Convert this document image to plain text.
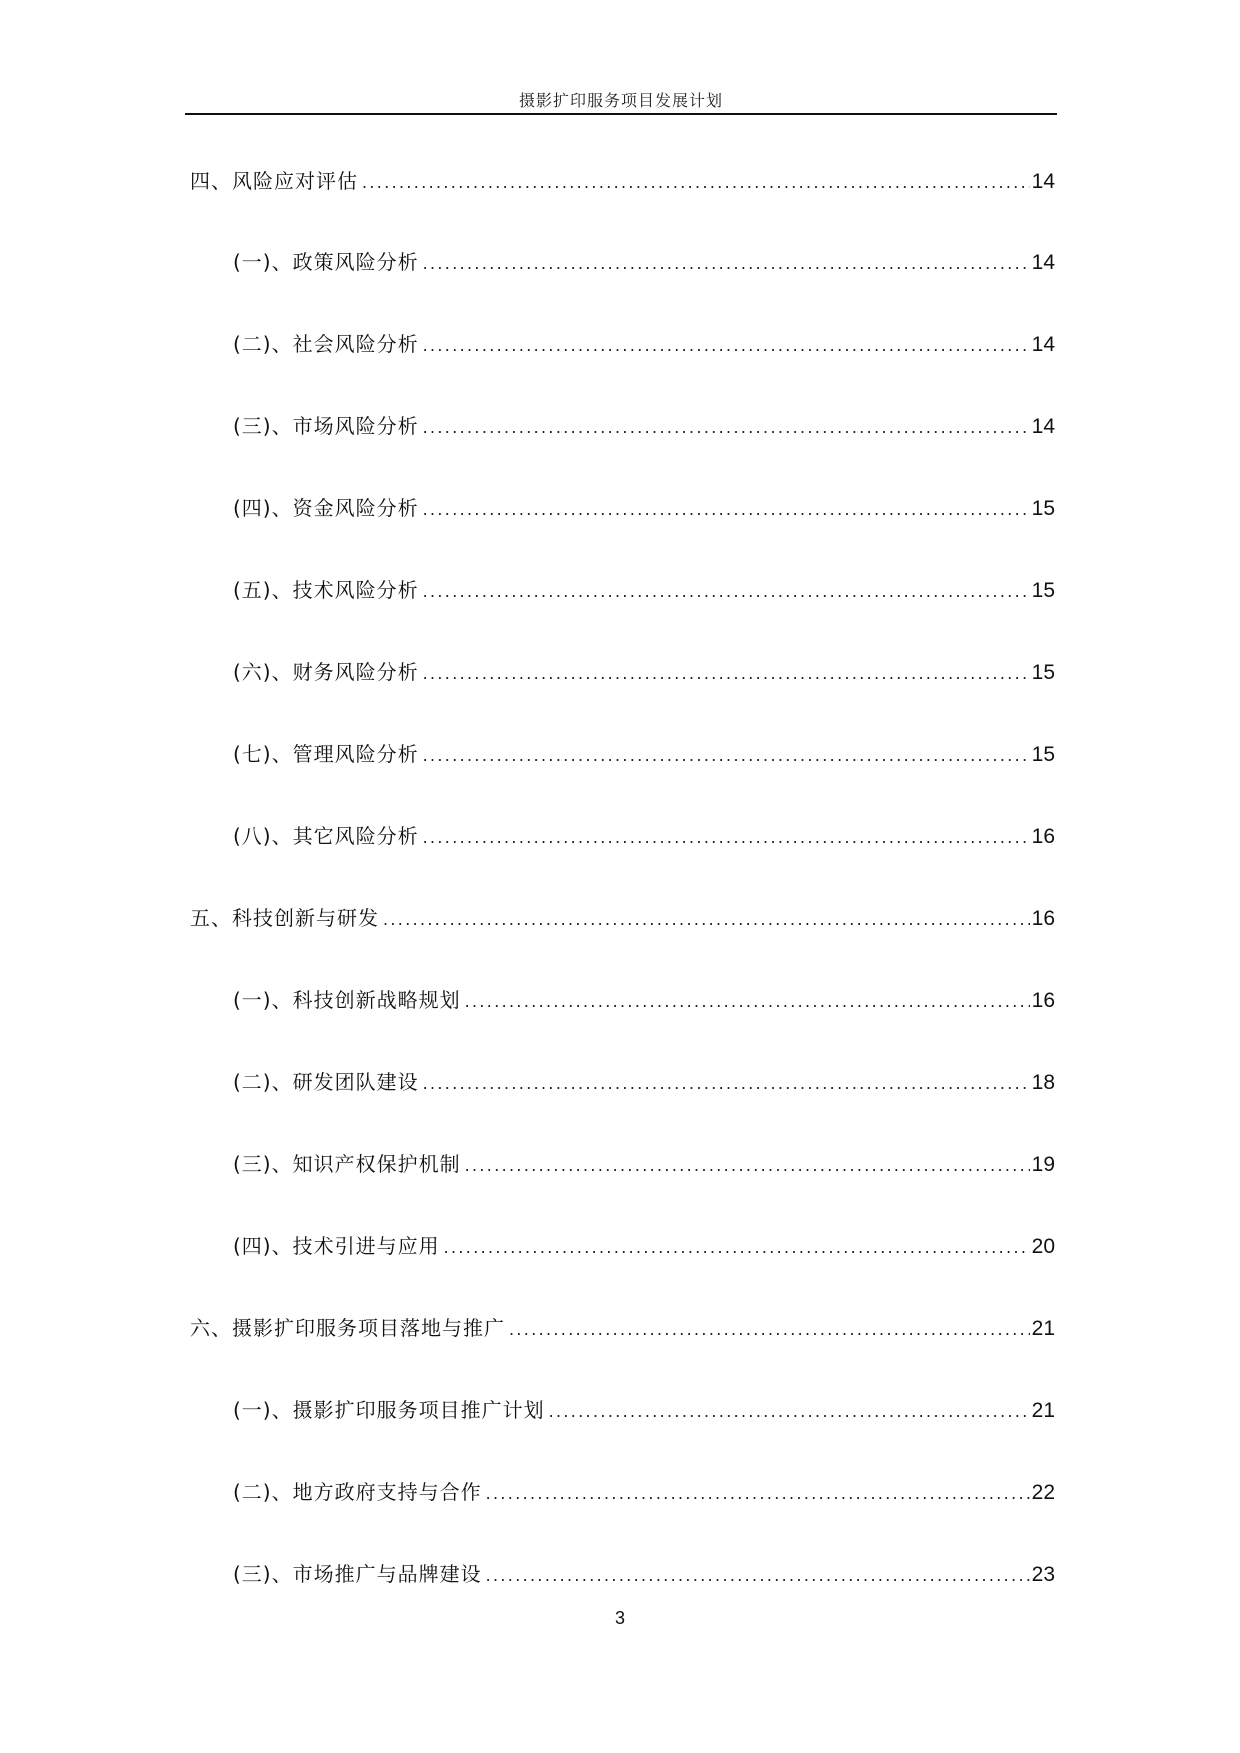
摄影扩印服务项目发展计划
四、风险应对评估 .....	14
(一)、政策风险分析 .....	14
(二)、社会风险分析 .....	14
(三)、市场风险分析 .....	14
(四)、资金风险分析 .....	15
(五)、技术风险分析 .....	15
(六)、财务风险分析 .....	15
(七)、管理风险分析 .....	15
(八)、其它风险分析 .....	16
五、科技创新与研发 .....	16
(一)、科技创新战略规划 .....	16
(二)、研发团队建设 .....	18
(三)、知识产权保护机制 .....	19
(四)、技术引进与应用 .....	20
六、摄影扩印服务项目落地与推广 .....	21
(一)、摄影扩印服务项目推广计划 .....	21
(二)、地方政府支持与合作 .....	22
(三)、市场推广与品牌建设 .....	23
3
